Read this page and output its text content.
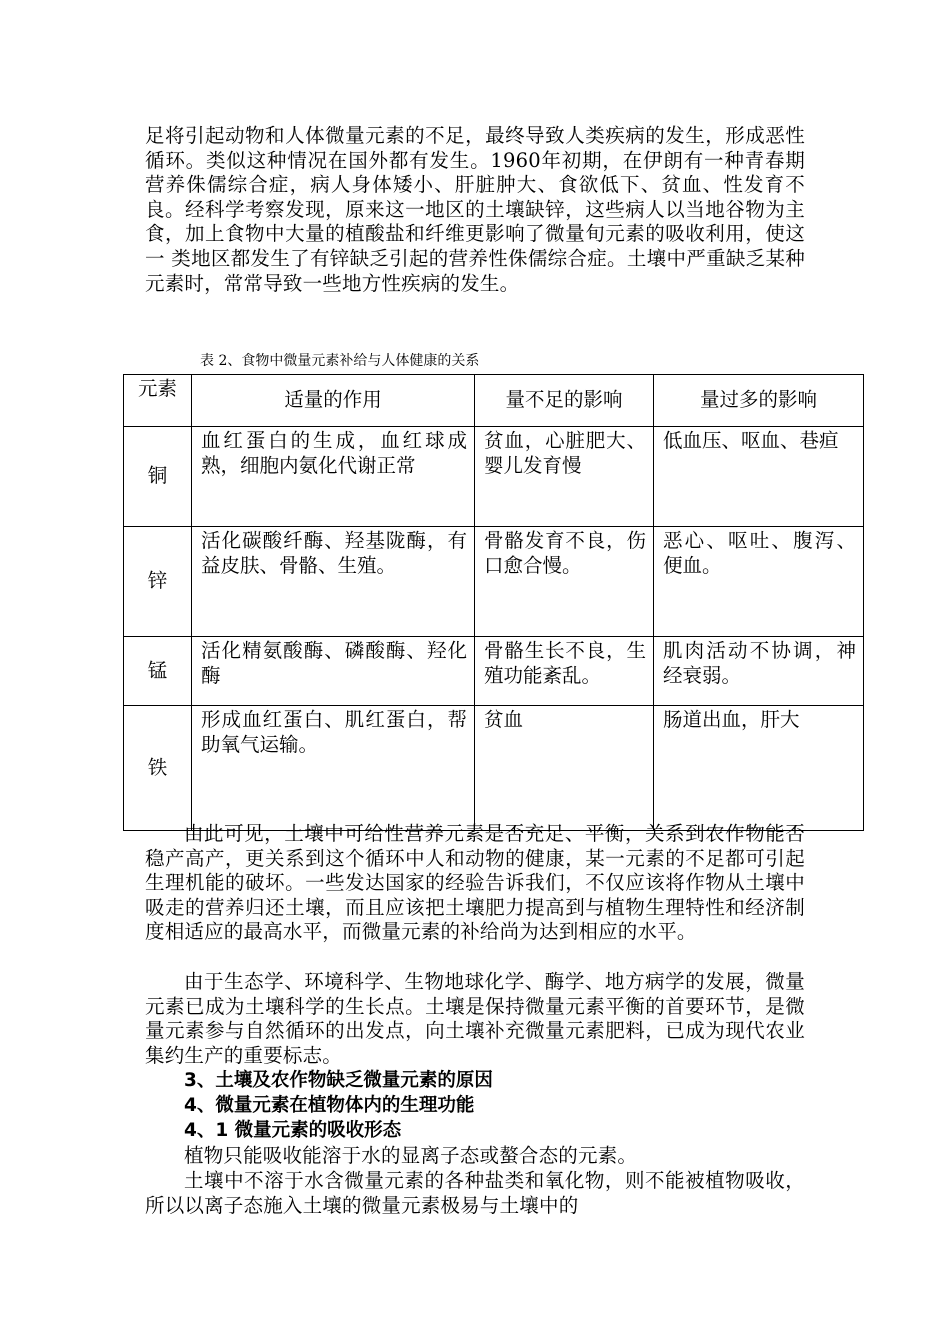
足将引起动物和人体微量元素的不足，最终导致人类疾病的发生，形成恶性循环。类似这种情况在国外都有发生。1960年初期，在伊朗有一种青春期营养侏儒综合症，病人身体矮小、肝脏肿大、食欲低下、贫血、性发育不良。经科学考察发现，原来这一地区的土壤缺锌，这些病人以当地谷物为主食，加上食物中大量的植酸盐和纤维更影响了微量旬元素的吸收利用，使这一 类地区都发生了有锌缺乏引起的营养性侏儒综合症。土壤中严重缺乏某种元素时，常常导致一些地方性疾病的发生。

表 2、食物中微量元素补给与人体健康的关系

元素	适量的作用	量不足的影响	量过多的影响
铜	血红蛋白的生成，血红球成熟，细胞内氨化代谢正常	贫血，心脏肥大、婴儿发育慢	低血压、呕血、巷疸
锌	活化碳酸纤酶、羟基陇酶，有益皮肤、骨骼、生殖。	骨骼发育不良，伤口愈合慢。	恶心、呕吐、腹泻、便血。
锰	活化精氨酸酶、磷酸酶、羟化酶	骨骼生长不良，生殖功能紊乱。	肌肉活动不协调，神经衰弱。
铁	形成血红蛋白、肌红蛋白，帮助氧气运输。	贫血	肠道出血，肝大

由此可见，土壤中可给性营养元素是否充足、平衡，关系到农作物能否稳产高产，更关系到这个循环中人和动物的健康，某一元素的不足都可引起生理机能的破坏。一些发达国家的经验告诉我们，不仅应该将作物从土壤中吸走的营养归还土壤，而且应该把土壤肥力提高到与植物生理特性和经济制度相适应的最高水平，而微量元素的补给尚为达到相应的水平。

由于生态学、环境科学、生物地球化学、酶学、地方病学的发展，微量元素已成为土壤科学的生长点。土壤是保持微量元素平衡的首要环节，是微量元素参与自然循环的出发点，向土壤补充微量元素肥料，已成为现代农业集约生产的重要标志。

3、土壤及农作物缺乏微量元素的原因

4、微量元素在植物体内的生理功能

4、1 微量元素的吸收形态

植物只能吸收能溶于水的显离子态或螯合态的元素。

土壤中不溶于水含微量元素的各种盐类和氧化物，则不能被植物吸收，所以以离子态施入土壤的微量元素极易与土壤中的
